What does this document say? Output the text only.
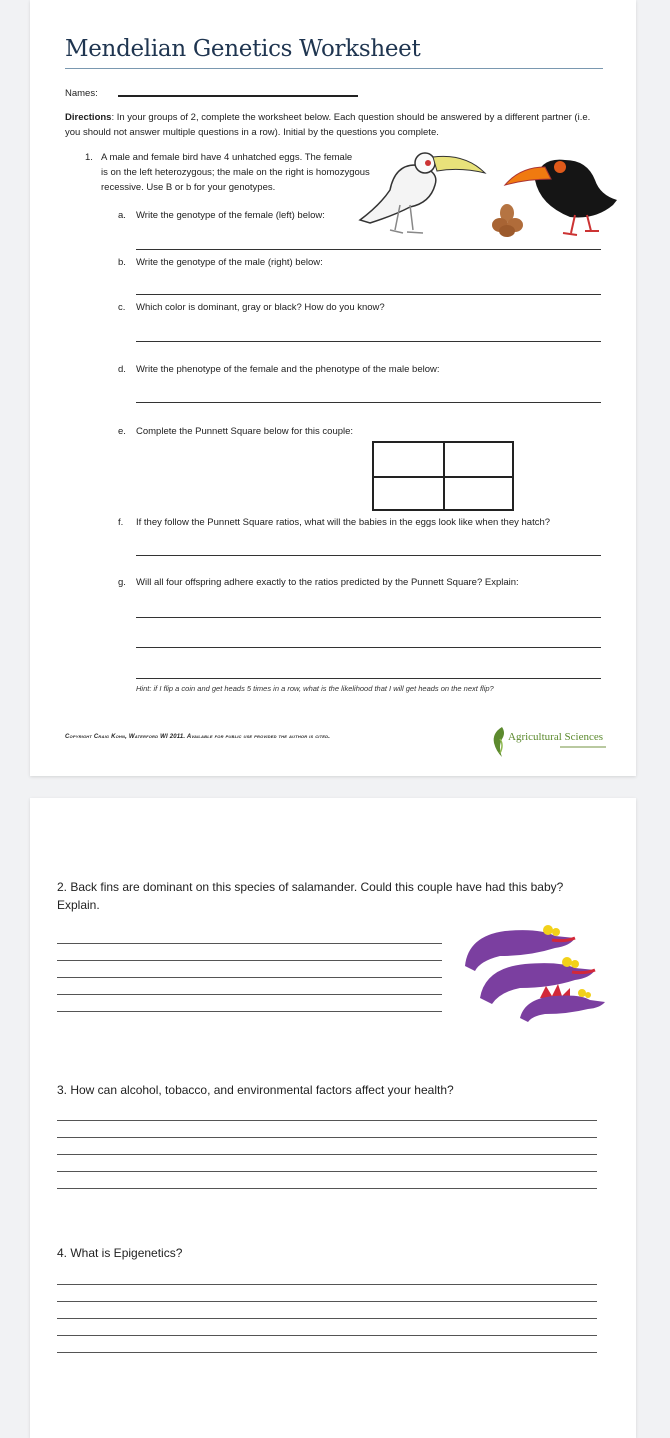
Mendelian Genetics Worksheet
Names:
Directions: In your groups of 2, complete the worksheet below. Each question should be answered by a different partner (i.e. you should not answer multiple questions in a row). Initial by the questions you complete.
1. A male and female bird have 4 unhatched eggs. The female
is on the left heterozygous; the male on the right is homozygous
recessive. Use B or b for your genotypes.
a. Write the genotype of the female (left) below:
b. Write the genotype of the male (right) below:
c. Which color is dominant, gray or black? How do you know?
d. Write the phenotype of the female and the phenotype of the male below:
e. Complete the Punnett Square below for this couple:
f. If they follow the Punnett Square ratios, what will the babies in the eggs look like when they hatch?
g. Will all four offspring adhere exactly to the ratios predicted by the Punnett Square? Explain:
Hint: if I flip a coin and get heads 5 times in a row, what is the likelihood that I will get heads on the next flip?
Copyright Craig Kohn, Waterford WI 2011. Available for public use provided the author is cited.	Agricultural Sciences
2. Back fins are dominant on this species of salamander. Could this couple have had this baby? Explain.
3. How can alcohol, tobacco, and environmental factors affect your health?
4. What is Epigenetics?
